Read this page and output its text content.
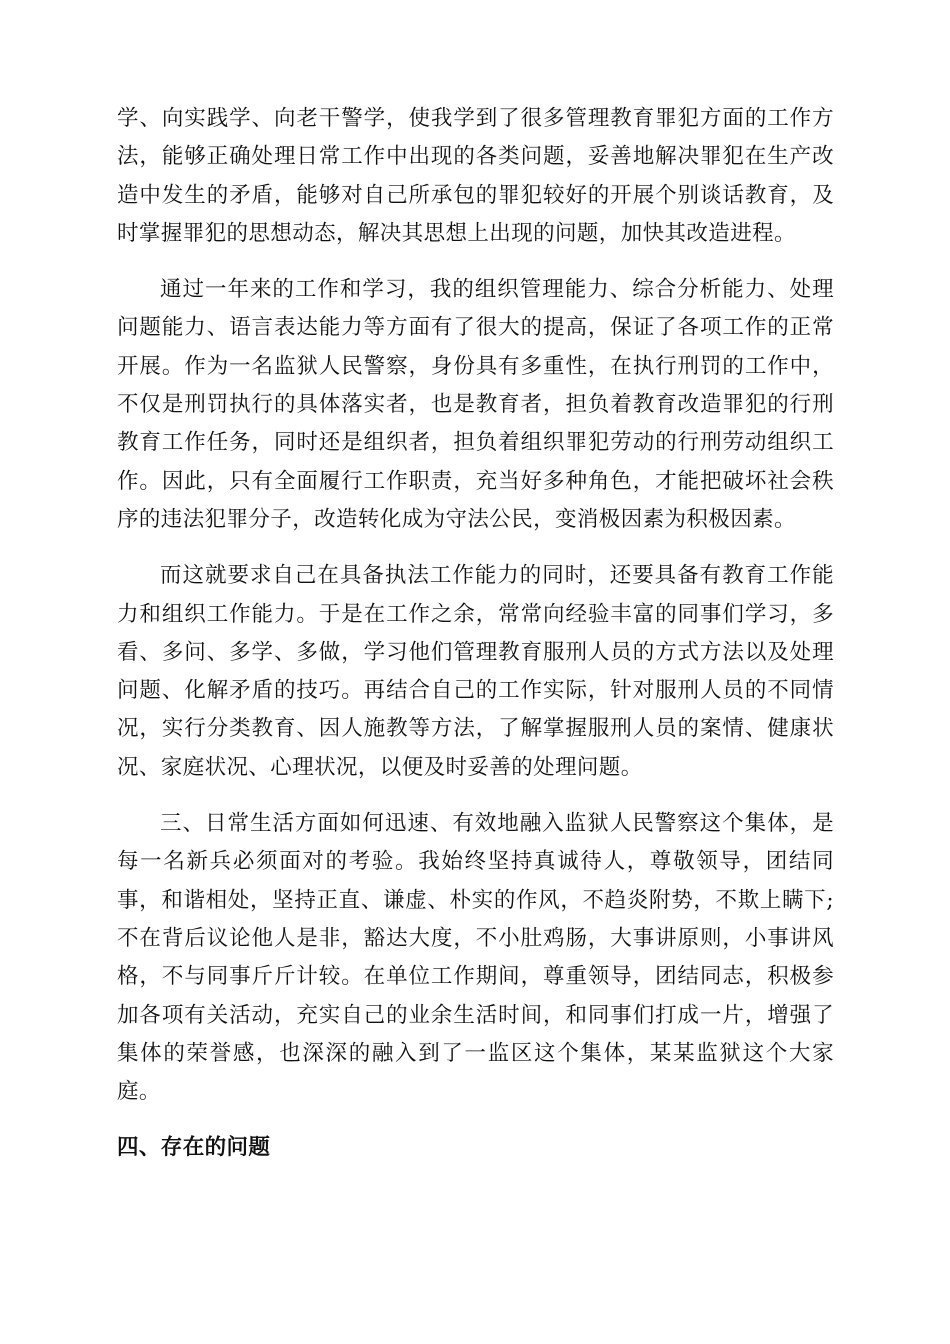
学、向实践学、向老干警学，使我学到了很多管理教育罪犯方面的工作方法，能够正确处理日常工作中出现的各类问题，妥善地解决罪犯在生产改造中发生的矛盾，能够对自己所承包的罪犯较好的开展个别谈话教育，及时掌握罪犯的思想动态，解决其思想上出现的问题，加快其改造进程。

通过一年来的工作和学习，我的组织管理能力、综合分析能力、处理问题能力、语言表达能力等方面有了很大的提高，保证了各项工作的正常开展。作为一名监狱人民警察，身份具有多重性，在执行刑罚的工作中，不仅是刑罚执行的具体落实者，也是教育者，担负着教育改造罪犯的行刑教育工作任务，同时还是组织者，担负着组织罪犯劳动的行刑劳动组织工作。因此，只有全面履行工作职责，充当好多种角色，才能把破坏社会秩序的违法犯罪分子，改造转化成为守法公民，变消极因素为积极因素。

而这就要求自己在具备执法工作能力的同时，还要具备有教育工作能力和组织工作能力。于是在工作之余，常常向经验丰富的同事们学习，多看、多问、多学、多做，学习他们管理教育服刑人员的方式方法以及处理问题、化解矛盾的技巧。再结合自己的工作实际，针对服刑人员的不同情况，实行分类教育、因人施教等方法，了解掌握服刑人员的案情、健康状况、家庭状况、心理状况，以便及时妥善的处理问题。

三、日常生活方面如何迅速、有效地融入监狱人民警察这个集体，是每一名新兵必须面对的考验。我始终坚持真诚待人，尊敬领导，团结同事，和谐相处，坚持正直、谦虚、朴实的作风，不趋炎附势，不欺上瞒下;不在背后议论他人是非，豁达大度，不小肚鸡肠，大事讲原则，小事讲风格，不与同事斤斤计较。在单位工作期间，尊重领导，团结同志，积极参加各项有关活动，充实自己的业余生活时间，和同事们打成一片，增强了集体的荣誉感，也深深的融入到了一监区这个集体，某某监狱这个大家庭。

四、存在的问题
